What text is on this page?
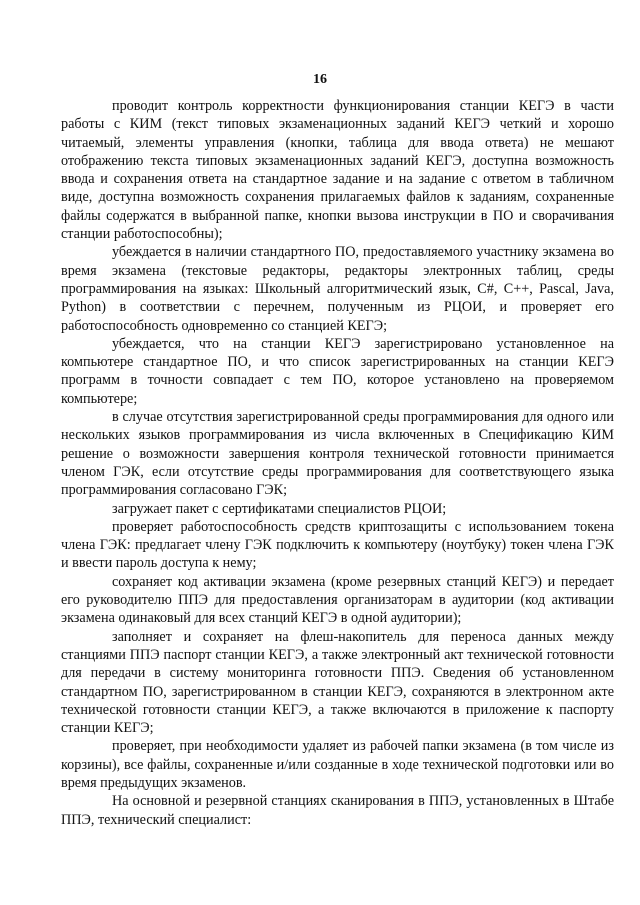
16

проводит контроль корректности функционирования станции КЕГЭ в части работы с КИМ (текст типовых экзаменационных заданий КЕГЭ четкий и хорошо читаемый, элементы управления (кнопки, таблица для ввода ответа) не мешают отображению текста типовых экзаменационных заданий КЕГЭ, доступна возможность ввода и сохранения ответа на стандартное задание и на задание с ответом в табличном виде, доступна возможность сохранения прилагаемых файлов к заданиям, сохраненные файлы содержатся в выбранной папке, кнопки вызова инструкции в ПО и сворачивания станции работоспособны);

убеждается в наличии стандартного ПО, предоставляемого участнику экзамена во время экзамена (текстовые редакторы, редакторы электронных таблиц, среды программирования на языках: Школьный алгоритмический язык, C#, C++, Pascal, Java, Python) в соответствии с перечнем, полученным из РЦОИ, и проверяет его работоспособность одновременно со станцией КЕГЭ;

убеждается, что на станции КЕГЭ зарегистрировано установленное на компьютере стандартное ПО, и что список зарегистрированных на станции КЕГЭ программ в точности совпадает с тем ПО, которое установлено на проверяемом компьютере;

в случае отсутствия зарегистрированной среды программирования для одного или нескольких языков программирования из числа включенных в Спецификацию КИМ решение о возможности завершения контроля технической готовности принимается членом ГЭК, если отсутствие среды программирования для соответствующего языка программирования согласовано ГЭК;

загружает пакет с сертификатами специалистов РЦОИ;

проверяет работоспособность средств криптозащиты с использованием токена члена ГЭК: предлагает члену ГЭК подключить к компьютеру (ноутбуку) токен члена ГЭК и ввести пароль доступа к нему;

сохраняет код активации экзамена (кроме резервных станций КЕГЭ) и передает его руководителю ППЭ для предоставления организаторам в аудитории (код активации экзамена одинаковый для всех станций КЕГЭ в одной аудитории);

заполняет и сохраняет на флеш-накопитель для переноса данных между станциями ППЭ паспорт станции КЕГЭ, а также электронный акт технической готовности для передачи в систему мониторинга готовности ППЭ. Сведения об установленном стандартном ПО, зарегистрированном в станции КЕГЭ, сохраняются в электронном акте технической готовности станции КЕГЭ, а также включаются в приложение к паспорту станции КЕГЭ;

проверяет, при необходимости удаляет из рабочей папки экзамена (в том числе из корзины), все файлы, сохраненные и/или созданные в ходе технической подготовки или во время предыдущих экзаменов.

На основной и резервной станциях сканирования в ППЭ, установленных в Штабе ППЭ, технический специалист:
